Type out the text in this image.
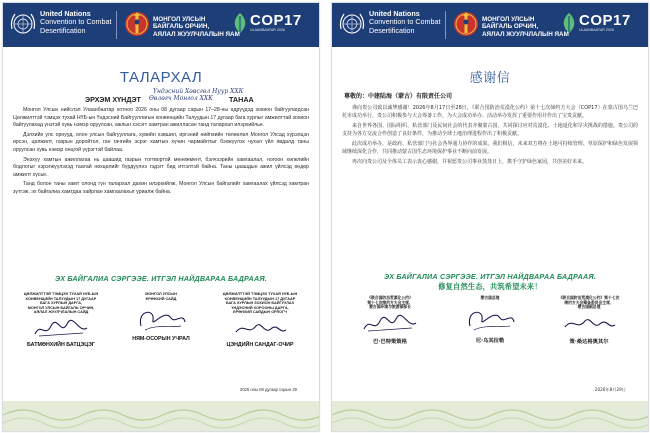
United Nations
Convention to Combat
Desertification
МОНГОЛ УЛСЫН
БАЙГАЛЬ ОРЧИН,
АЯЛАЛ ЖУУЛЧЛАЛЫН ЯАМ
COP17
ULAANBAATAR 2026
ТАЛАРХАЛ
Үндэсний Хөвсгөл Нуур ХХК
ЭРХЭМ ХҮНДЭТ Өвлөгч Монгол ХХК ТАНАА

Монгол Улсын нийслэл Улаанбаатар хотноо 2026 оны 08 дугаар сарын 17–28-ны өдрүүдэд зохион байгуулагдсан Цөлжилттэй тэмцэх тухай НҮБ-ын Үндэсний Байгууллагын конвенцийн Талуудын 17 дугаар бага хурлыг амжилттай зохион байгуулахад үнэтэй хувь нэмэр оруулсан, ажлын хэсэгт хамтран ажилласан танд талархал илэрхийлье.

Дэлхийн улс орнууд, олон улсын байгууллага, хувийн хэвшил, иргэний нийгмийн төлөөлөл Монгол Улсад хүрэлцэн ирсэн, цөлжилт, газрын доройтол, ган гачгийн эсрэг хамтын хүчин чармайлтыг бэхжүүлэх чухал үйл явдалд таны оруулсан хувь нэмэр онцгой үүрэгтэй байлаа.

Энэхүү хамтын ажиллагаа нь цаашид газрын тогтвортой менежмент, бэлчээрийн хамгаалал, ногоон хөгжлийн бодлогыг хэрэгжүүлэхэд таатай нөхцөлийг бүрдүүлнэ гэдэгт бид итгэлтэй байна. Таны цаашдын ажил үйлсэд өндөр амжилт хүсье.

Танд болон таны хамт олонд гүн талархал дахин илэрхийлж, Монгол Улсын байгалийг хамгаалах үйлсэд хамтран зүтгэж, эх байгалиа хамтдаа хайрлан хамгаалахыг уриалж байна.

ЭХ БАЙГАЛИА СЭРГЭЭЕ. ИТГЭЛ НАЙДВАРАА БАДРААЯ.
ЦӨЛЖИЛТТЭЙ ТЭМЦЭХ ТУХАЙ НҮБ-ЫН
КОНВЕНЦИЙН ТАЛУУДЫН 17 ДУГААР
БАГА ХУРЛЫН ДАРГА,
МОНГОЛ УЛСЫН БАЙГАЛЬ ОРЧИН,
АЯЛАЛ ЖУУЛЧЛАЛЫН САЙД
БАТМӨНХИЙН БАТЦЭЦЭГ
МОНГОЛ УЛСЫН
ЕРӨНХИЙ САЙД
НЯМ-ОСОРЫН УЧРАЛ
ЦӨЛЖИЛТТЭЙ ТЭМЦЭХ ТУХАЙ НҮБ-ЫН
КОНВЕНЦИЙН ТАЛУУДЫН 17 ДУГААР
БАГА ХУРЛЫН ЗОХИОН БАЙГУУЛАХ
ҮНДЭСНИЙ ХОРООНЫ ДАРГА,
ЕРӨНХИЙ САЙДЫН ОРЛОГЧ
ЦЭНДИЙН САНДАГ-ОЧИР
2026 оны 08 дугаар сарын 29
United Nations
Convention to Combat
Desertification
МОНГОЛ УЛСЫН
БАЙГАЛЬ ОРЧИН,
АЯЛАЛ ЖУУЛЧЛАЛЫН ЯАМ
COP17
ULAANBAATAR 2026
感谢信
尊敬的：中建陆海（蒙古）有限责任公司

谨向贵公司致以诚挚感谢！2026年8月17日至28日，《联合国防治荒漠化公约》第十七次缔约方大会（COP17）在蒙古国乌兰巴托市成功举行，贵公司积极参与大会筹备工作，为大会成功举办、活动举办发挥了重要作用并作出了宝贵贡献。

来自世界各国、国际组织、私营部门及民间社会的代表齐聚蒙古国，共同探讨应对荒漠化、土地退化和旱灾挑战的措施。贵公司的支持为各方交流合作创造了良好条件，为推动全球土地治理进程作出了积极贡献。

此次成功举办，是政府、私营部门与社会各界通力协作的成果。我们相信，未来双方将在土地可持续管理、草原保护和绿色发展领域继续深化合作，共同推动蒙古国生态环境保护事业不断向前发展。

再次向贵公司及全体员工表示衷心感谢，并祝愿贵公司事业蒸蒸日上，携手守护绿色家园，共创美好未来。

ЭХ БАЙГАЛИА СЭРГЭЭЕ. ИТГЭЛ НАЙДВАРАА БАДРААЯ.
修复自然生态，共筑希望未来！
《联合国防治荒漠化公约》
第十七次缔约方大会主席、
蒙古国环境与旅游部部长
巴·巴特策策格
蒙古国总理
尼·乌其拉勒
《联合国防治荒漠化公约》第十七次
缔约方大会筹备委员会主席、
蒙古国副总理
策·桑达格奥其尔
2026年8月29日
